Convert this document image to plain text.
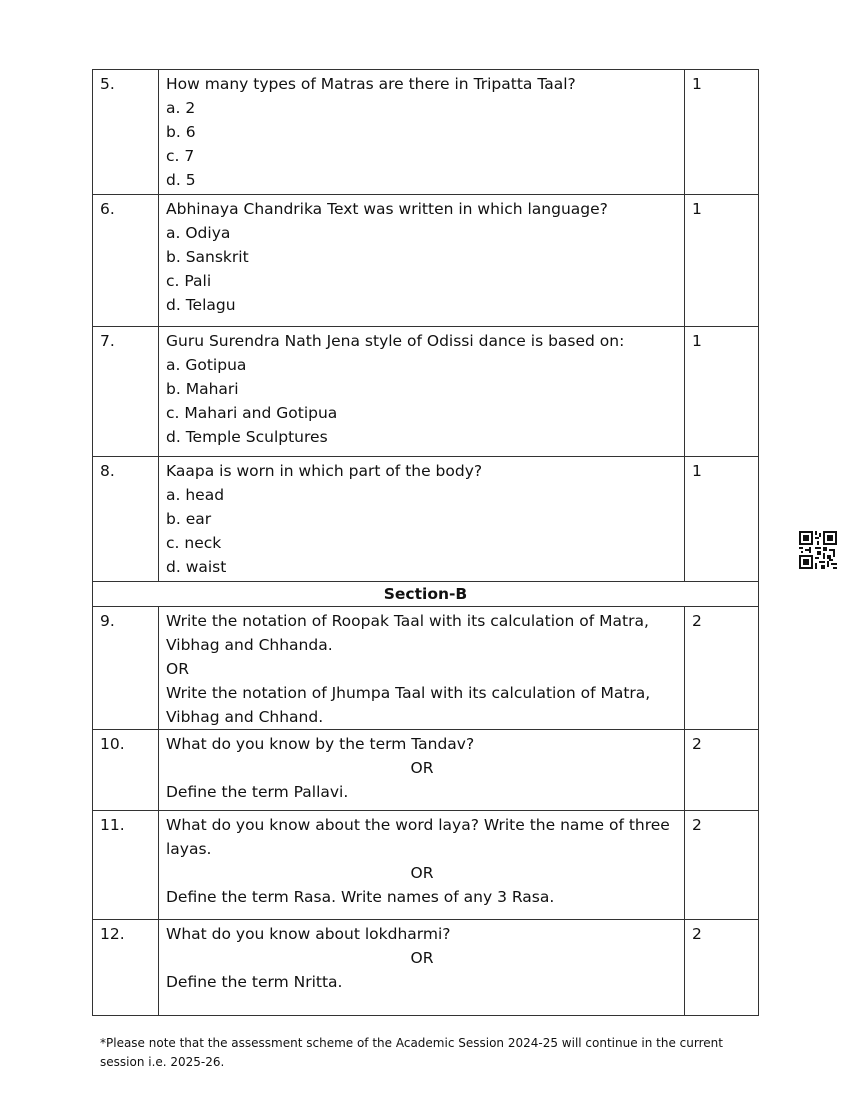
5.	How many types of Matras are there in Tripatta Taal?
a. 2
b. 6
c. 7
d. 5	1
6.	Abhinaya Chandrika Text was written in which language?
a. Odiya
b. Sanskrit
c. Pali
d. Telagu	1
7.	Guru Surendra Nath Jena style of Odissi dance is based on:
a. Gotipua
b. Mahari
c. Mahari and Gotipua
d. Temple Sculptures	1
8.	Kaapa is worn in which part of the body?
a. head
b. ear
c. neck
d. waist	1
Section-B		
9.	Write the notation of Roopak Taal with its calculation of Matra, Vibhag and Chhanda.
OR
Write the notation of Jhumpa Taal with its calculation of Matra, Vibhag and Chhand.	2
10.	What do you know by the term Tandav?
OR
Define the term Pallavi.	2
11.	What do you know about the word laya? Write the name of three layas.
OR
Define the term Rasa. Write names of any 3 Rasa.	2
12.	What do you know about lokdharmi?
OR
Define the term Nritta.	2
*Please note that the assessment scheme of the Academic Session 2024-25 will continue in the current session i.e. 2025-26.
